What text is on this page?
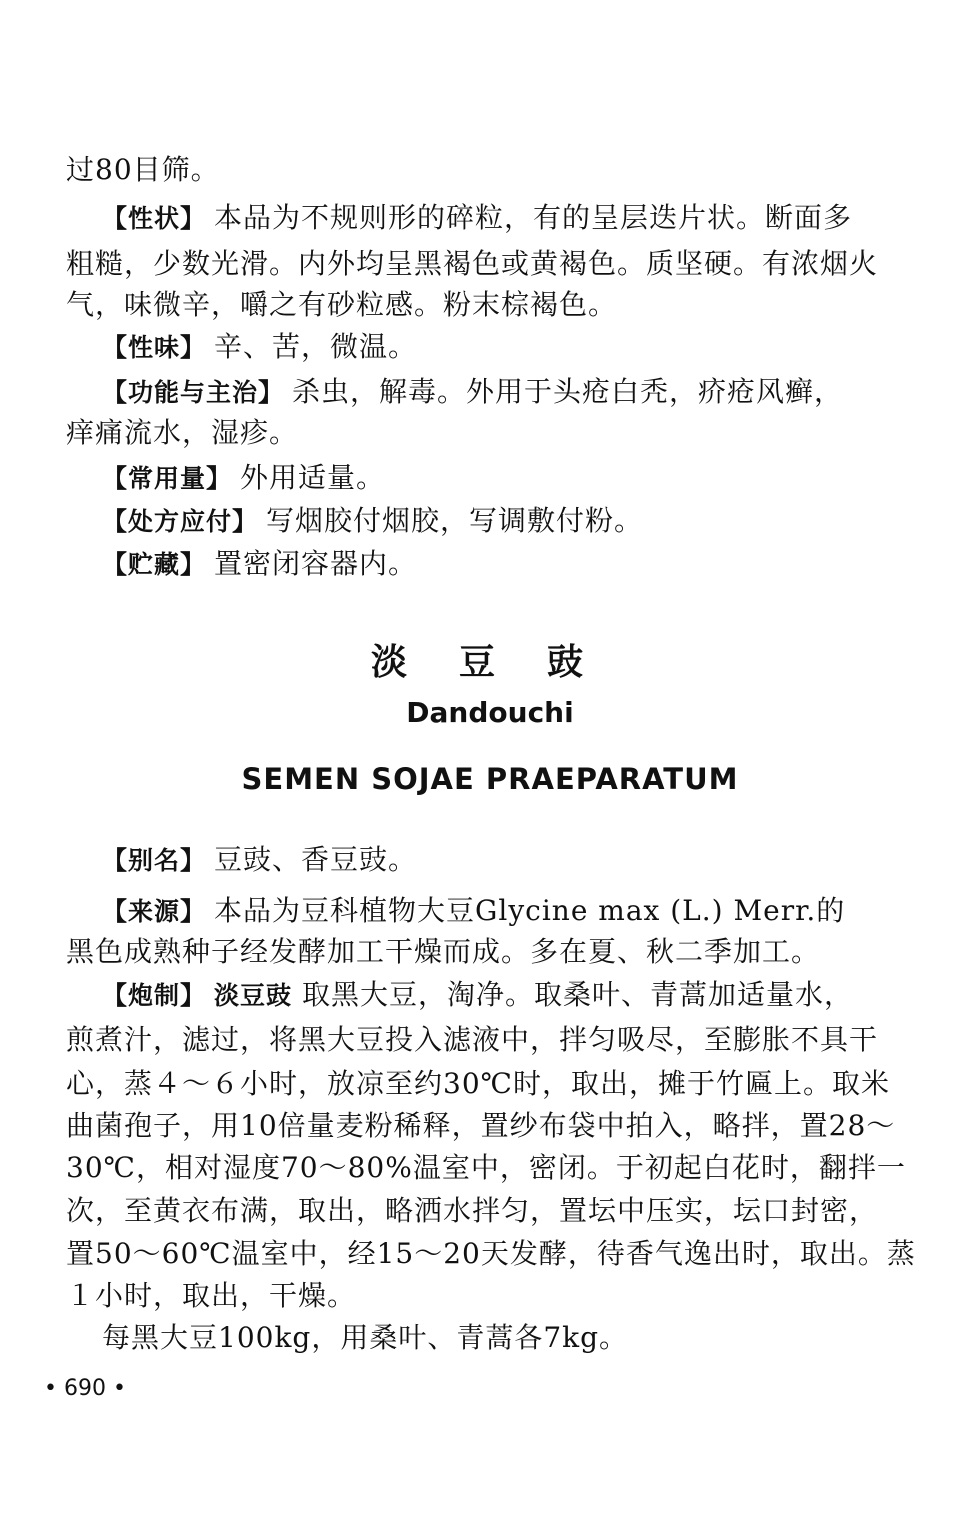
过80目筛。
【性状】 本品为不规则形的碎粒，有的呈层迭片状。断面多
粗糙，少数光滑。内外均呈黑褐色或黄褐色。质坚硬。有浓烟火
气，味微辛，嚼之有砂粒感。粉末棕褐色。
【性味】 辛、苦，微温。
【功能与主治】 杀虫，解毒。外用于头疮白秃，疥疮风癣，
痒痛流水，湿疹。
【常用量】 外用适量。
【处方应付】 写烟胶付烟胶，写调敷付粉。
【贮藏】 置密闭容器内。
淡豆豉
Dandouchi
SEMEN SOJAE PRAEPARATUM
【别名】 豆豉、香豆豉。
【来源】 本品为豆科植物大豆Glycine max (L.) Merr.的
黑色成熟种子经发酵加工干燥而成。多在夏、秋二季加工。
【炮制】 淡豆豉 取黑大豆，淘净。取桑叶、青蒿加适量水，
煎煮汁，滤过，将黑大豆投入滤液中，拌匀吸尽，至膨胀不具干
心，蒸４～６小时，放凉至约30℃时，取出，摊于竹匾上。取米
曲菌孢子，用10倍量麦粉稀释，置纱布袋中拍入，略拌，置28～
30℃，相对湿度70～80%温室中，密闭。于初起白花时，翻拌一
次，至黄衣布满，取出，略洒水拌匀，置坛中压实，坛口封密，
置50～60℃温室中，经15～20天发酵，待香气逸出时，取出。蒸
１小时，取出，干燥。
每黑大豆100kg，用桑叶、青蒿各7kg。
• 690 •
